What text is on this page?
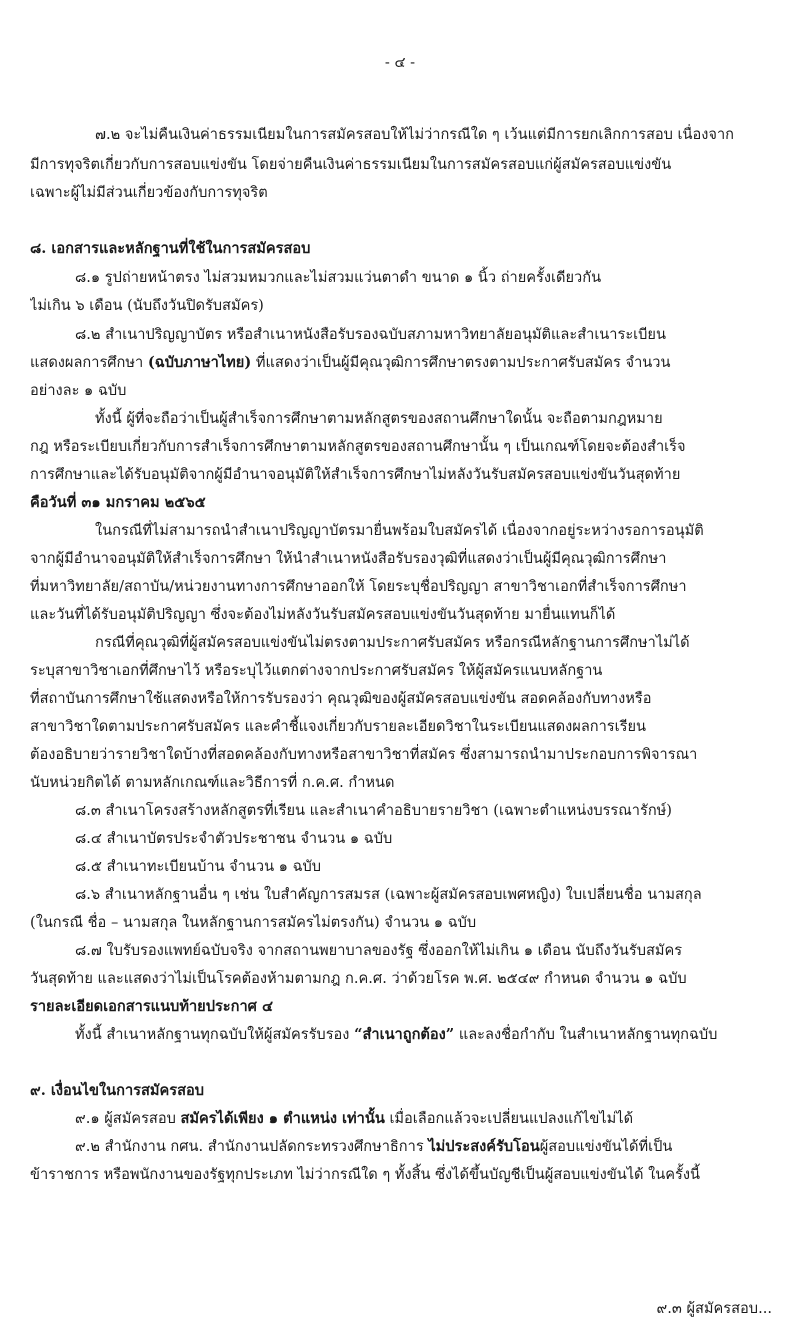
- ๔ -
๗.๒ จะไม่คืนเงินค่าธรรมเนียมในการสมัครสอบให้ไม่ว่ากรณีใด ๆ เว้นแต่มีการยกเลิกการสอบ เนื่องจาก
มีการทุจริตเกี่ยวกับการสอบแข่งขัน โดยจ่ายคืนเงินค่าธรรมเนียมในการสมัครสอบแก่ผู้สมัครสอบแข่งขัน
เฉพาะผู้ไม่มีส่วนเกี่ยวข้องกับการทุจริต
๘. เอกสารและหลักฐานที่ใช้ในการสมัครสอบ
๘.๑ รูปถ่ายหน้าตรง ไม่สวมหมวกและไม่สวมแว่นตาดำ ขนาด ๑ นิ้ว ถ่ายครั้งเดียวกัน
ไม่เกิน ๖ เดือน (นับถึงวันปิดรับสมัคร)
๘.๒ สำเนาปริญญาบัตร หรือสำเนาหนังสือรับรองฉบับสภามหาวิทยาลัยอนุมัติและสำเนาระเบียน
แสดงผลการศึกษา (ฉบับภาษาไทย) ที่แสดงว่าเป็นผู้มีคุณวุฒิการศึกษาตรงตามประกาศรับสมัคร จำนวน
อย่างละ ๑ ฉบับ
ทั้งนี้ ผู้ที่จะถือว่าเป็นผู้สำเร็จการศึกษาตามหลักสูตรของสถานศึกษาใดนั้น จะถือตามกฎหมาย
กฎ หรือระเบียบเกี่ยวกับการสำเร็จการศึกษาตามหลักสูตรของสถานศึกษานั้น ๆ เป็นเกณฑ์โดยจะต้องสำเร็จ
การศึกษาและได้รับอนุมัติจากผู้มีอำนาจอนุมัติให้สำเร็จการศึกษาไม่หลังวันรับสมัครสอบแข่งขันวันสุดท้าย
คือวันที่ ๓๑ มกราคม ๒๕๖๕
ในกรณีที่ไม่สามารถนำสำเนาปริญญาบัตรมายื่นพร้อมใบสมัครได้ เนื่องจากอยู่ระหว่างรอการอนุมัติ
จากผู้มีอำนาจอนุมัติให้สำเร็จการศึกษา ให้นำสำเนาหนังสือรับรองวุฒิที่แสดงว่าเป็นผู้มีคุณวุฒิการศึกษา
ที่มหาวิทยาลัย/สถาบัน/หน่วยงานทางการศึกษาออกให้ โดยระบุชื่อปริญญา สาขาวิชาเอกที่สำเร็จการศึกษา
และวันที่ได้รับอนุมัติปริญญา ซึ่งจะต้องไม่หลังวันรับสมัครสอบแข่งขันวันสุดท้าย มายื่นแทนก็ได้
กรณีที่คุณวุฒิที่ผู้สมัครสอบแข่งขันไม่ตรงตามประกาศรับสมัคร หรือกรณีหลักฐานการศึกษาไม่ได้
ระบุสาขาวิชาเอกที่ศึกษาไว้ หรือระบุไว้แตกต่างจากประกาศรับสมัคร ให้ผู้สมัครแนบหลักฐาน
ที่สถาบันการศึกษาใช้แสดงหรือให้การรับรองว่า คุณวุฒิของผู้สมัครสอบแข่งขัน สอดคล้องกับทางหรือ
สาขาวิชาใดตามประกาศรับสมัคร และคำชี้แจงเกี่ยวกับรายละเอียดวิชาในระเบียนแสดงผลการเรียน
ต้องอธิบายว่ารายวิชาใดบ้างที่สอดคล้องกับทางหรือสาขาวิชาที่สมัคร ซึ่งสามารถนำมาประกอบการพิจารณา
นับหน่วยกิตได้ ตามหลักเกณฑ์และวิธีการที่ ก.ค.ศ. กำหนด
๘.๓ สำเนาโครงสร้างหลักสูตรที่เรียน และสำเนาคำอธิบายรายวิชา (เฉพาะตำแหน่งบรรณารักษ์)
๘.๔ สำเนาบัตรประจำตัวประชาชน จำนวน ๑ ฉบับ
๘.๕ สำเนาทะเบียนบ้าน จำนวน ๑ ฉบับ
๘.๖ สำเนาหลักฐานอื่น ๆ เช่น ใบสำคัญการสมรส (เฉพาะผู้สมัครสอบเพศหญิง) ใบเปลี่ยนชื่อ นามสกุล
(ในกรณี ชื่อ – นามสกุล ในหลักฐานการสมัครไม่ตรงกัน) จำนวน ๑ ฉบับ
๘.๗ ใบรับรองแพทย์ฉบับจริง จากสถานพยาบาลของรัฐ ซึ่งออกให้ไม่เกิน ๑ เดือน นับถึงวันรับสมัคร
วันสุดท้าย และแสดงว่าไม่เป็นโรคต้องห้ามตามกฎ ก.ค.ศ. ว่าด้วยโรค พ.ศ. ๒๕๔๙ กำหนด จำนวน ๑ ฉบับ
รายละเอียดเอกสารแนบท้ายประกาศ ๔
ทั้งนี้ สำเนาหลักฐานทุกฉบับให้ผู้สมัครรับรอง “สำเนาถูกต้อง” และลงชื่อกำกับ ในสำเนาหลักฐานทุกฉบับ
๙. เงื่อนไขในการสมัครสอบ
๙.๑ ผู้สมัครสอบ สมัครได้เพียง ๑ ตำแหน่ง เท่านั้น เมื่อเลือกแล้วจะเปลี่ยนแปลงแก้ไขไม่ได้
๙.๒ สำนักงาน กศน. สำนักงานปลัดกระทรวงศึกษาธิการ ไม่ประสงค์รับโอนผู้สอบแข่งขันได้ที่เป็น
ข้าราชการ หรือพนักงานของรัฐทุกประเภท ไม่ว่ากรณีใด ๆ ทั้งสิ้น ซึ่งได้ขึ้นบัญชีเป็นผู้สอบแข่งขันได้ ในครั้งนี้
๙.๓ ผู้สมัครสอบ...
